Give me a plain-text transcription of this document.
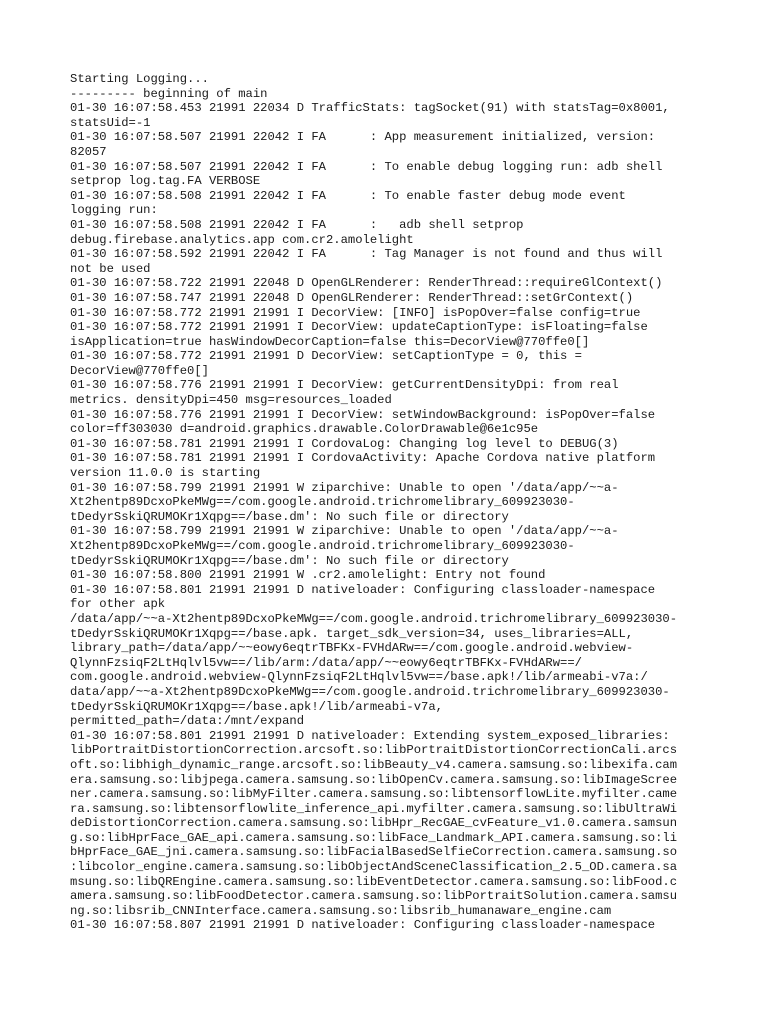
Starting Logging...
--------- beginning of main
01-30 16:07:58.453 21991 22034 D TrafficStats: tagSocket(91) with statsTag=0x8001,
statsUid=-1
01-30 16:07:58.507 21991 22042 I FA      : App measurement initialized, version:
82057
01-30 16:07:58.507 21991 22042 I FA      : To enable debug logging run: adb shell
setprop log.tag.FA VERBOSE
01-30 16:07:58.508 21991 22042 I FA      : To enable faster debug mode event
logging run:
01-30 16:07:58.508 21991 22042 I FA      :   adb shell setprop
debug.firebase.analytics.app com.cr2.amolelight
01-30 16:07:58.592 21991 22042 I FA      : Tag Manager is not found and thus will
not be used
01-30 16:07:58.722 21991 22048 D OpenGLRenderer: RenderThread::requireGlContext()
01-30 16:07:58.747 21991 22048 D OpenGLRenderer: RenderThread::setGrContext()
01-30 16:07:58.772 21991 21991 I DecorView: [INFO] isPopOver=false config=true
01-30 16:07:58.772 21991 21991 I DecorView: updateCaptionType: isFloating=false
isApplication=true hasWindowDecorCaption=false this=DecorView@770ffe0[]
01-30 16:07:58.772 21991 21991 D DecorView: setCaptionType = 0, this =
DecorView@770ffe0[]
01-30 16:07:58.776 21991 21991 I DecorView: getCurrentDensityDpi: from real
metrics. densityDpi=450 msg=resources_loaded
01-30 16:07:58.776 21991 21991 I DecorView: setWindowBackground: isPopOver=false
color=ff303030 d=android.graphics.drawable.ColorDrawable@6e1c95e
01-30 16:07:58.781 21991 21991 I CordovaLog: Changing log level to DEBUG(3)
01-30 16:07:58.781 21991 21991 I CordovaActivity: Apache Cordova native platform
version 11.0.0 is starting
01-30 16:07:58.799 21991 21991 W ziparchive: Unable to open '/data/app/~~a-
Xt2hentp89DcxoPkeMWg==/com.google.android.trichromelibrary_609923030-
tDedyrSskiQRUMOKr1Xqpg==/base.dm': No such file or directory
01-30 16:07:58.799 21991 21991 W ziparchive: Unable to open '/data/app/~~a-
Xt2hentp89DcxoPkeMWg==/com.google.android.trichromelibrary_609923030-
tDedyrSskiQRUMOKr1Xqpg==/base.dm': No such file or directory
01-30 16:07:58.800 21991 21991 W .cr2.amolelight: Entry not found
01-30 16:07:58.801 21991 21991 D nativeloader: Configuring classloader-namespace
for other apk
/data/app/~~a-Xt2hentp89DcxoPkeMWg==/com.google.android.trichromelibrary_609923030-
tDedyrSskiQRUMOKr1Xqpg==/base.apk. target_sdk_version=34, uses_libraries=ALL,
library_path=/data/app/~~eowy6eqtrTBFKx-FVHdARw==/com.google.android.webview-
QlynnFzsiqF2LtHqlvl5vw==/lib/arm:/data/app/~~eowy6eqtrTBFKx-FVHdARw==/
com.google.android.webview-QlynnFzsiqF2LtHqlvl5vw==/base.apk!/lib/armeabi-v7a:/
data/app/~~a-Xt2hentp89DcxoPkeMWg==/com.google.android.trichromelibrary_609923030-
tDedyrSskiQRUMOKr1Xqpg==/base.apk!/lib/armeabi-v7a,
permitted_path=/data:/mnt/expand
01-30 16:07:58.801 21991 21991 D nativeloader: Extending system_exposed_libraries:
libPortraitDistortionCorrection.arcsoft.so:libPortraitDistortionCorrectionCali.arcs
oft.so:libhigh_dynamic_range.arcsoft.so:libBeauty_v4.camera.samsung.so:libexifa.cam
era.samsung.so:libjpega.camera.samsung.so:libOpenCv.camera.samsung.so:libImageScree
ner.camera.samsung.so:libMyFilter.camera.samsung.so:libtensorflowLite.myfilter.came
ra.samsung.so:libtensorflowlite_inference_api.myfilter.camera.samsung.so:libUltraWi
deDistortionCorrection.camera.samsung.so:libHpr_RecGAE_cvFeature_v1.0.camera.samsun
g.so:libHprFace_GAE_api.camera.samsung.so:libFace_Landmark_API.camera.samsung.so:li
bHprFace_GAE_jni.camera.samsung.so:libFacialBasedSelfieCorrection.camera.samsung.so
:libcolor_engine.camera.samsung.so:libObjectAndSceneClassification_2.5_OD.camera.sa
msung.so:libQREngine.camera.samsung.so:libEventDetector.camera.samsung.so:libFood.c
amera.samsung.so:libFoodDetector.camera.samsung.so:libPortraitSolution.camera.samsu
ng.so:libsrib_CNNInterface.camera.samsung.so:libsrib_humanaware_engine.cam
01-30 16:07:58.807 21991 21991 D nativeloader: Configuring classloader-namespace
